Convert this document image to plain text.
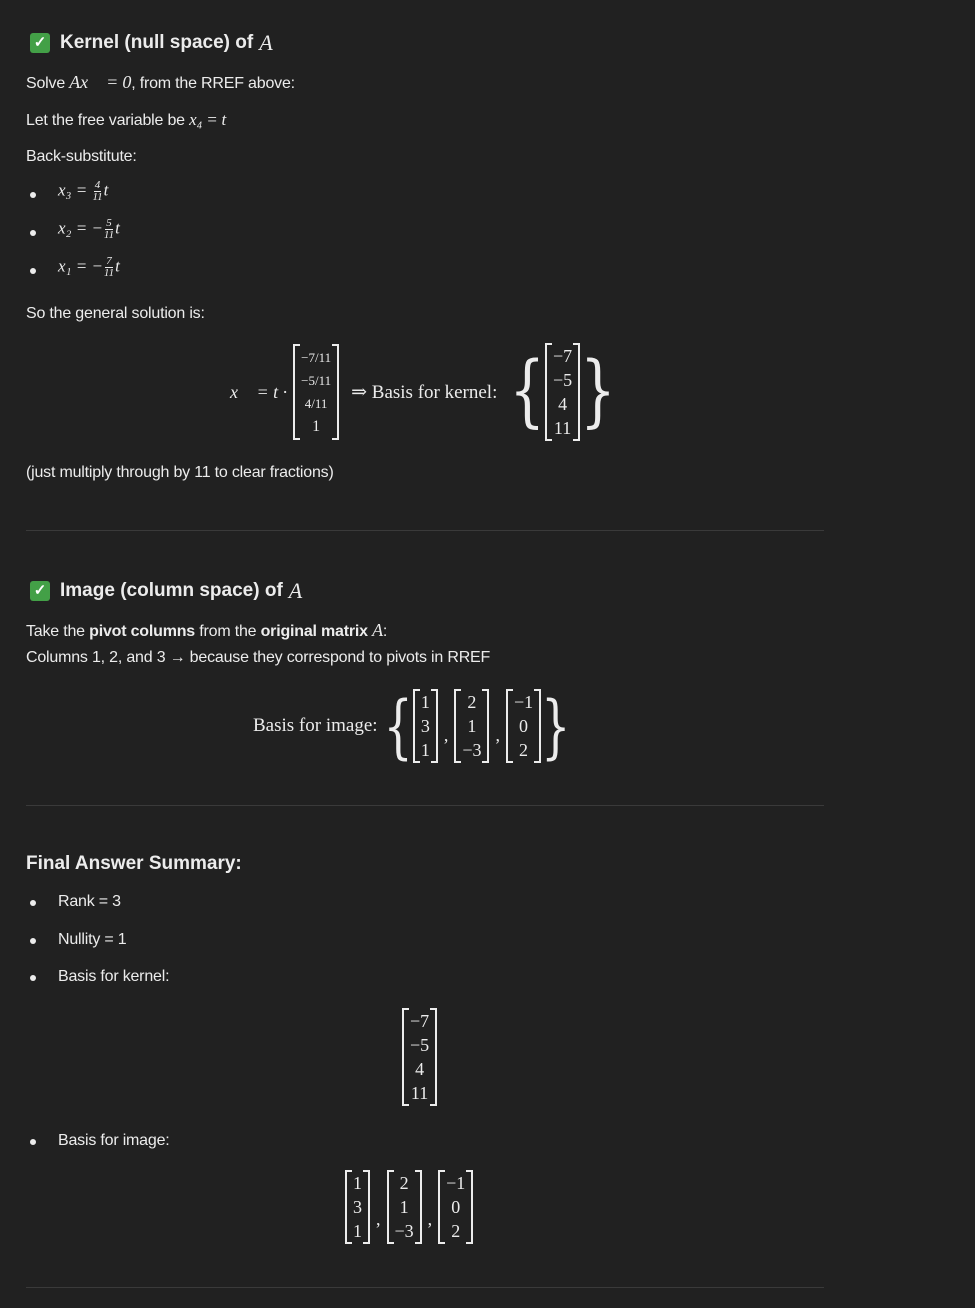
✓ Kernel (null space) of A
Solve Ax⃗ = 0, from the RREF above:
Let the free variable be x₄ = t
Back-substitute:
$x_3 = \frac{4}{11}$ t
x₂ = − $\frac{5}{11}$ t
x₁ = − $\frac{7}{11}$ t
So the general solution is:
x⃗ = t ·
−7/11
−5/11
4/11
1
⇒ Basis for kernel: { −7
−5
4
11 }
(just multiply through by 11 to clear fractions)
✓ Image (column space) of A
Take the pivot columns from the original matrix A:
Columns 1, 2, and 3 → because they correspond to pivots in RREF
Basis for image: { 1
3
1
,
2
1
−3
,
−1
0
2 }
Final Answer Summary:
Rank = 3
Nullity = 1
Basis for kernel:
−7
−5
4
11
Basis for image:
1
3
1
,
2
1
−3
,
−1
0
2
